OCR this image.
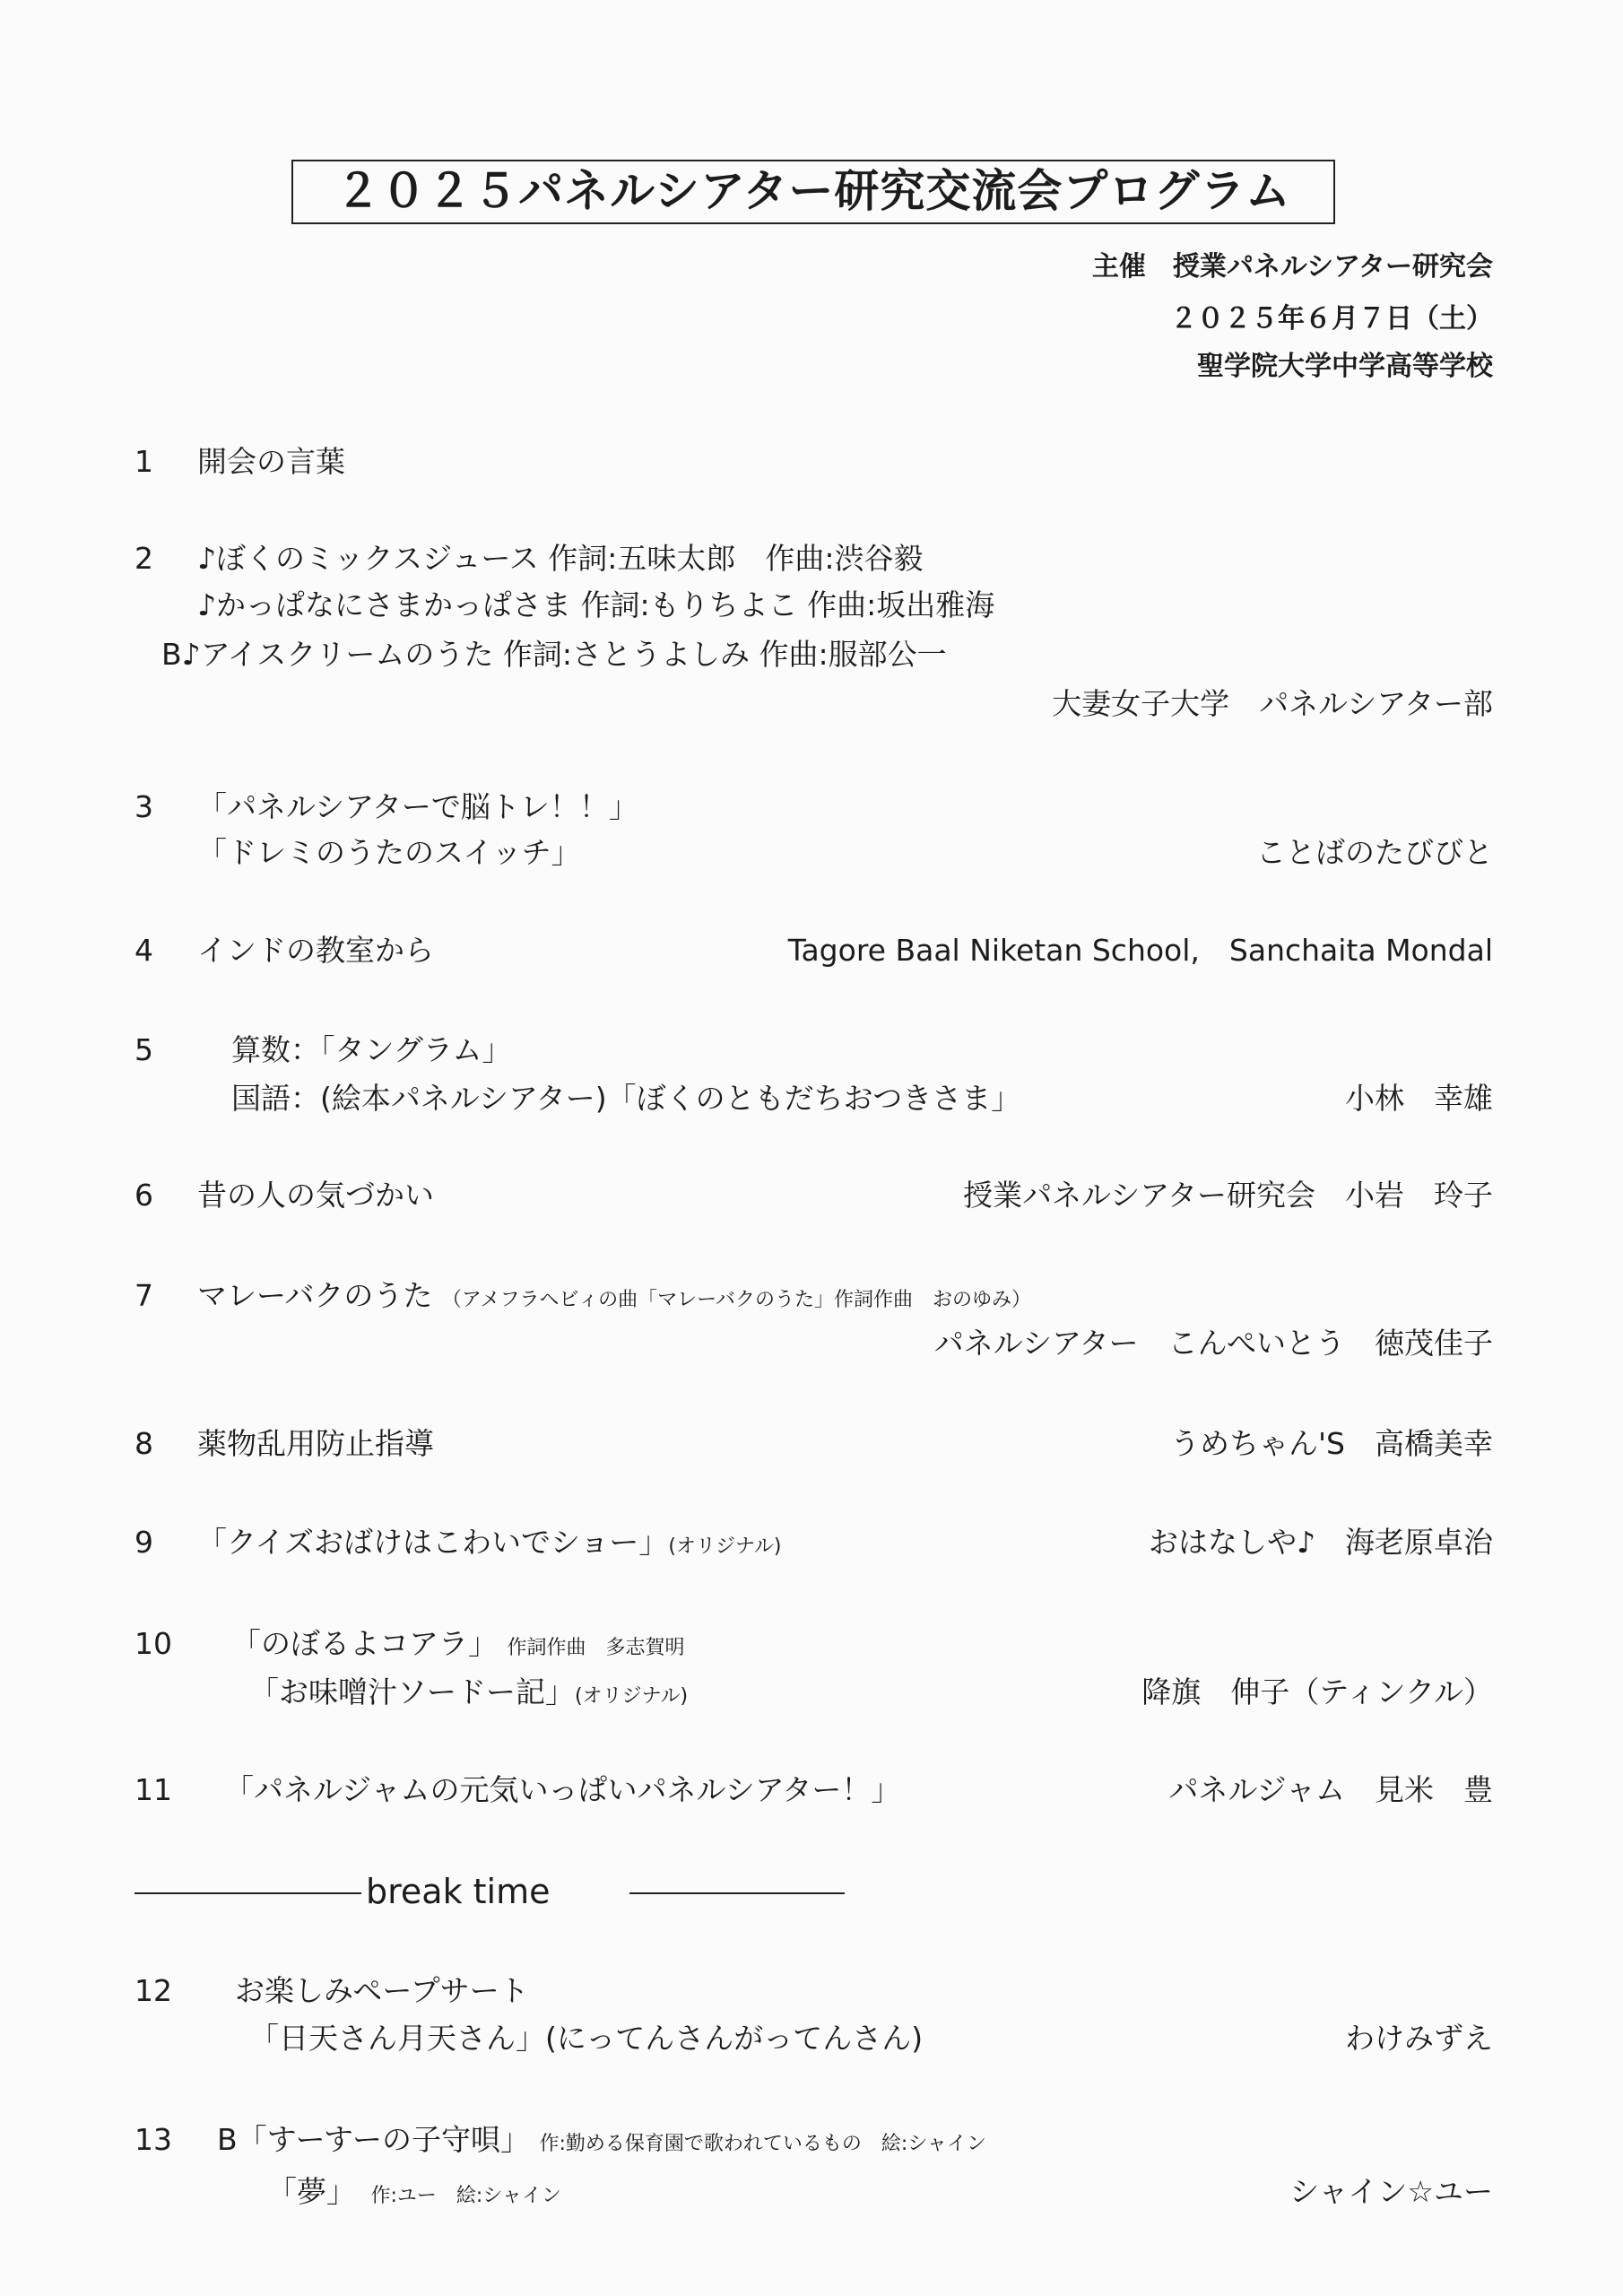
２０２５パネルシアター研究交流会プログラム
主催　授業パネルシアター研究会
２０２５年６月７日（土）
聖学院大学中学高等学校
1 開会の言葉
2 ♪ぼくのミックスジュース 作詞:五味太郎　作曲:渋谷毅
♪かっぱなにさまかっぱさま 作詞:もりちよこ 作曲:坂出雅海
B♪アイスクリームのうた 作詞:さとうよしみ 作曲:服部公一
大妻女子大学　パネルシアター部
3 「パネルシアターで脳トレ！！」
「ドレミのうたのスイッチ」	ことばのたびびと
4 インドの教室から	Tagore Baal Niketan School,　Sanchaita Mondal
5	算数：「タングラム」
国語：(絵本パネルシアター)「ぼくのともだちおつきさま」	小林　幸雄
6 昔の人の気づかい	授業パネルシアター研究会　小岩　玲子
7 マレーバクのうた （アメフラヘビィの曲「マレーバクのうた」作詞作曲　おのゆみ）
パネルシアター　こんぺいとう　徳茂佳子
8 薬物乱用防止指導	うめちゃん'S　高橋美幸
9 「クイズおばけはこわいでショー」(オリジナル)	おはなしや♪　海老原卓治
10 「のぼるよコアラ」 作詞作曲　多志賀明
「お味噌汁ソードー記」(オリジナル)	降旗　伸子（ティンクル）
11 「パネルジャムの元気いっぱいパネルシアター！」	パネルジャム　見米　豊
break time
12 お楽しみペープサート
「日天さん月天さん」(にってんさんがってんさん)	わけみずえ
13 B「すーすーの子守唄」 作:勤める保育園で歌われているもの　絵:シャイン
「夢」　 作:ユー　絵:シャイン	シャイン☆ユー
